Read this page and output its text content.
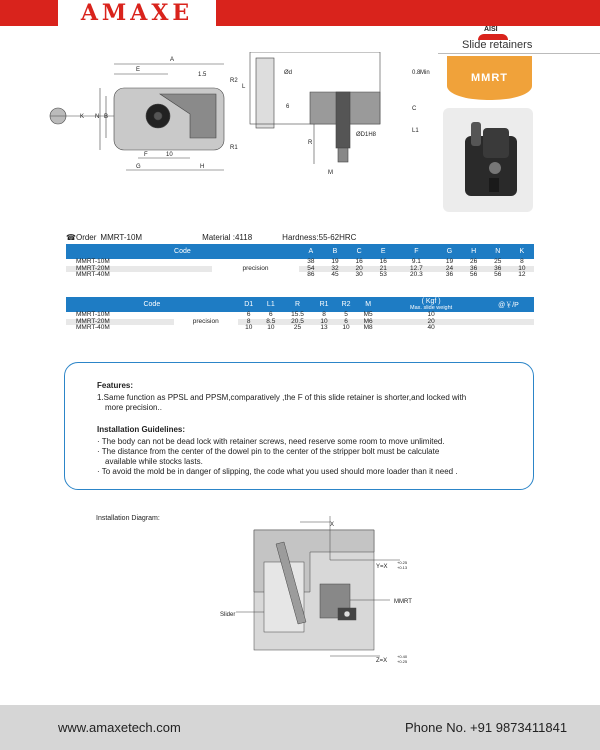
AMAXE
AISI
Slide retainers
MMRT
A
E
R2
R1
K N B
F	10
G	H
Ød
L
ØD1H8
C
M
R
L1
1.5	0.8 Min
6
☎Order MMRT-10M	Material :4118	Hardness:55-62HRC
Code		A	B	C	E	F	G	H	N	K
MMRT-10M	precision	38	19	16	16	9.1	19	26	25	8
MMRT-20M		54	32	20	21	12.7	24	36	36	10
MMRT-40M		86	45	30	53	20.3	36	56	56	12
Code		D1	L1	R	R1	R2	M	( Kgf )
Max. slide weight	@￥/P
MMRT-10M	precision	6	6	15.5	8	5	M5	10	
MMRT-20M		8	8.5	20.5	10	6	M6	20	
MMRT-40M		10	10	25	13	10	M8	40	

Features:

1.Same function as PPSL and PPSM,comparatively ,the F of this slide retainer is shorter,and locked with

more precision..

Installation Guidelines:

· The body can not be dead lock with retainer screws, need reserve some room to move unlimited.

· The distance from the center of the dowel pin to the center of the stripper bolt must be calculate

available while stocks lasts.

· To avoid the mold be in danger of slipping, the code what you used should more loader than it need .

Installation Diagram:
X
Y=X
+0.25
+0.13
MMRT
Z=X
+0.40
+0.25
Slider
www.amaxetech.com	Phone No. +91 9873411841
